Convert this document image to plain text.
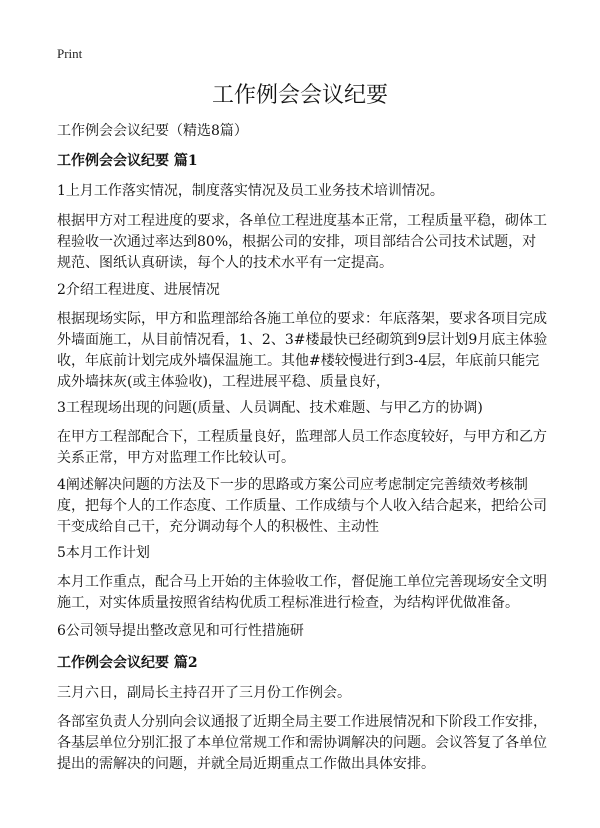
Print
工作例会会议纪要
工作例会会议纪要（精选8篇）
工作例会会议纪要 篇1
1上月工作落实情况，制度落实情况及员工业务技术培训情况。
根据甲方对工程进度的要求，各单位工程进度基本正常，工程质量平稳，砌体工程验收一次通过率达到80%，根据公司的安排，项目部结合公司技术试题，对规范、图纸认真研读，每个人的技术水平有一定提高。
2介绍工程进度、进展情况
根据现场实际，甲方和监理部给各施工单位的要求：年底落架，要求各项目完成外墙面施工，从目前情况看，1、2、3#楼最快已经砌筑到9层计划9月底主体验收，年底前计划完成外墙保温施工。其他#楼较慢进行到3-4层，年底前只能完成外墙抹灰(或主体验收)，工程进展平稳、质量良好，
3工程现场出现的问题(质量、人员调配、技术难题、与甲乙方的协调)
在甲方工程部配合下，工程质量良好，监理部人员工作态度较好，与甲方和乙方关系正常，甲方对监理工作比较认可。
4阐述解决问题的方法及下一步的思路或方案公司应考虑制定完善绩效考核制度，把每个人的工作态度、工作质量、工作成绩与个人收入结合起来，把给公司干变成给自己干，充分调动每个人的积极性、主动性
5本月工作计划
本月工作重点，配合马上开始的主体验收工作，督促施工单位完善现场安全文明施工，对实体质量按照省结构优质工程标准进行检查，为结构评优做准备。
6公司领导提出整改意见和可行性措施研
工作例会会议纪要 篇2
三月六日，副局长主持召开了三月份工作例会。
各部室负责人分别向会议通报了近期全局主要工作进展情况和下阶段工作安排，各基层单位分别汇报了本单位常规工作和需协调解决的问题。会议答复了各单位提出的需解决的问题，并就全局近期重点工作做出具体安排。
